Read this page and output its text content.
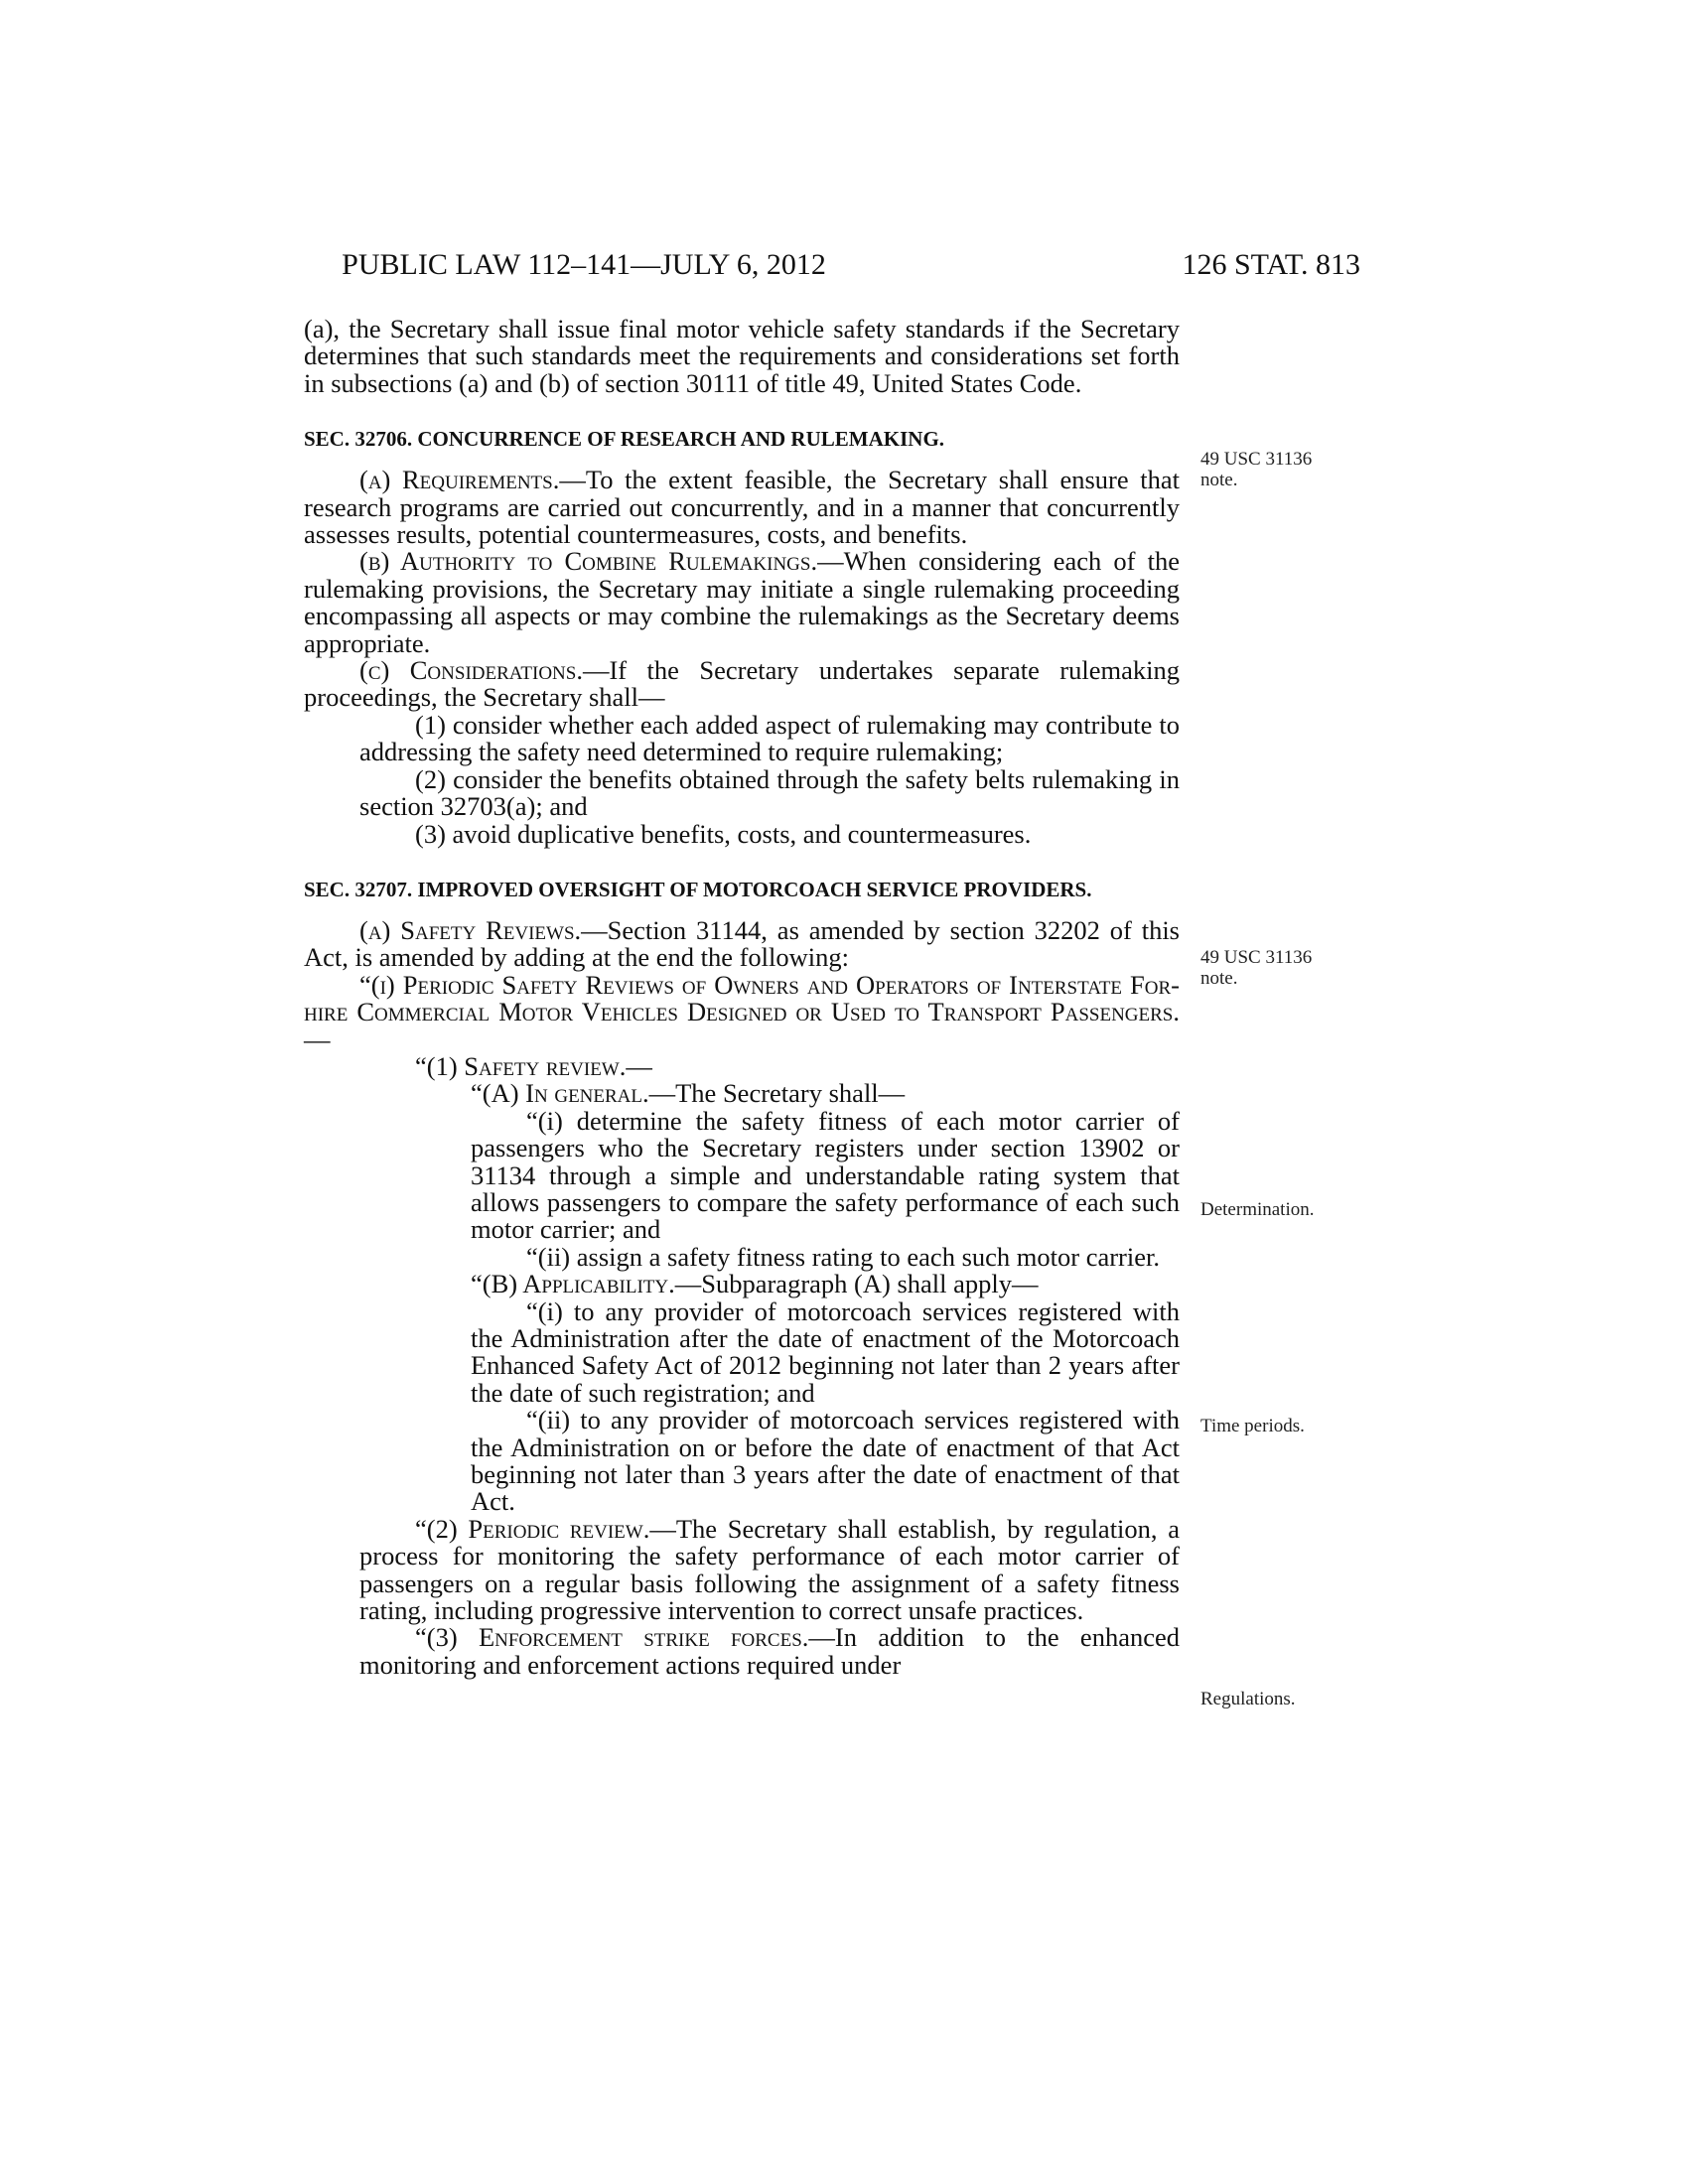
PUBLIC LAW 112–141—JULY 6, 2012	126 STAT. 813

(a), the Secretary shall issue final motor vehicle safety standards if the Secretary determines that such standards meet the requirements and considerations set forth in subsections (a) and (b) of section 30111 of title 49, United States Code.

SEC. 32706. CONCURRENCE OF RESEARCH AND RULEMAKING.

(a) Requirements.—To the extent feasible, the Secretary shall ensure that research programs are carried out concurrently, and in a manner that concurrently assesses results, potential countermeasures, costs, and benefits.

(b) Authority to Combine Rulemakings.—When considering each of the rulemaking provisions, the Secretary may initiate a single rulemaking proceeding encompassing all aspects or may combine the rulemakings as the Secretary deems appropriate.

(c) Considerations.—If the Secretary undertakes separate rulemaking proceedings, the Secretary shall—

(1) consider whether each added aspect of rulemaking may contribute to addressing the safety need determined to require rulemaking;

(2) consider the benefits obtained through the safety belts rulemaking in section 32703(a); and

(3) avoid duplicative benefits, costs, and countermeasures.

SEC. 32707. IMPROVED OVERSIGHT OF MOTORCOACH SERVICE PROVIDERS.

(a) Safety Reviews.—Section 31144, as amended by section 32202 of this Act, is amended by adding at the end the following:

“(i) Periodic Safety Reviews of Owners and Operators of Interstate For-hire Commercial Motor Vehicles Designed or Used to Transport Passengers.—

“(1) Safety review.—

“(A) In general.—The Secretary shall—

“(i) determine the safety fitness of each motor carrier of passengers who the Secretary registers under section 13902 or 31134 through a simple and understandable rating system that allows passengers to compare the safety performance of each such motor carrier; and

“(ii) assign a safety fitness rating to each such motor carrier.

“(B) Applicability.—Subparagraph (A) shall apply—

“(i) to any provider of motorcoach services registered with the Administration after the date of enactment of the Motorcoach Enhanced Safety Act of 2012 beginning not later than 2 years after the date of such registration; and

“(ii) to any provider of motorcoach services registered with the Administration on or before the date of enactment of that Act beginning not later than 3 years after the date of enactment of that Act.

“(2) Periodic review.—The Secretary shall establish, by regulation, a process for monitoring the safety performance of each motor carrier of passengers on a regular basis following the assignment of a safety fitness rating, including progressive intervention to correct unsafe practices.

“(3) Enforcement strike forces.—In addition to the enhanced monitoring and enforcement actions required under

49 USC 31136
note.
49 USC 31136
note.
Determination.
Time periods.
Regulations.
